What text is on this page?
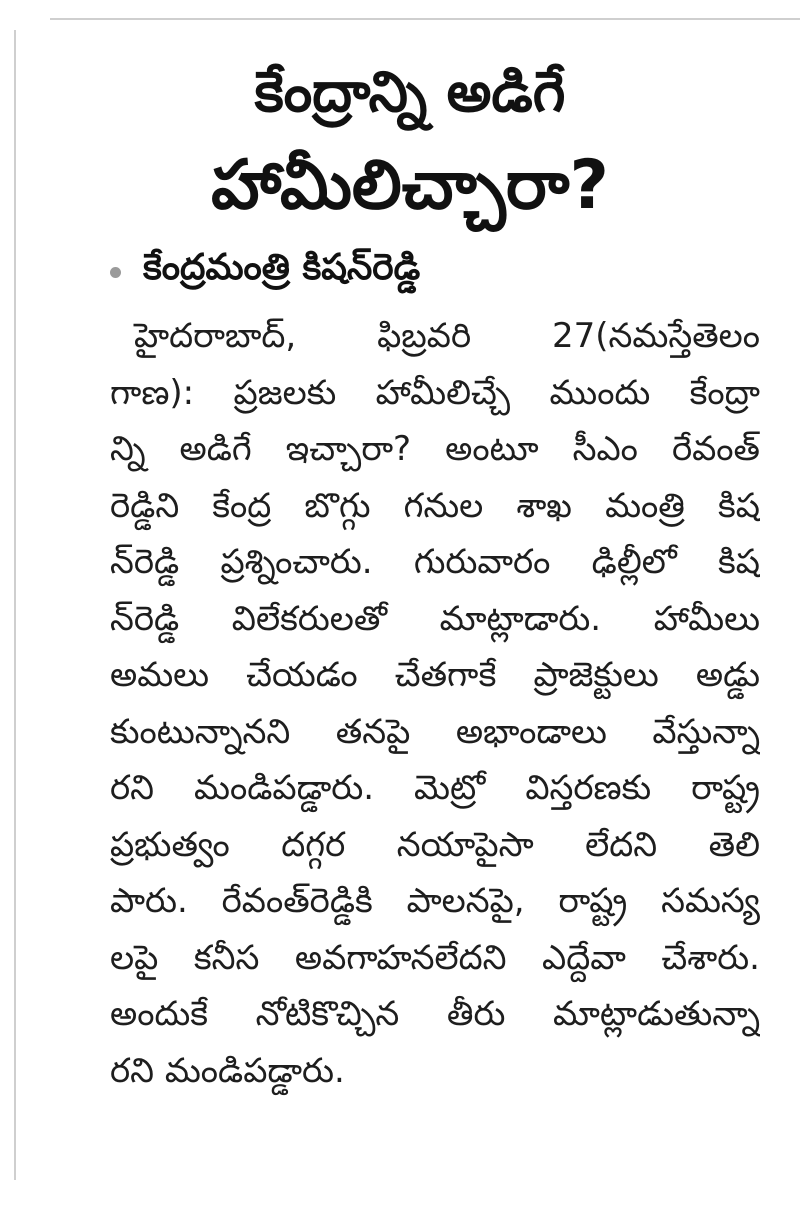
కేంద్రాన్ని అడిగే
హామీలిచ్చారా?
కేంద్రమంత్రి కిషన్‌రెడ్డి
హైదరాబాద్, ఫిబ్రవరి 27(నమస్తేతెలం
గాణ): ప్రజలకు హామీలిచ్చే ముందు కేంద్రా
న్ని అడిగే ఇచ్చారా? అంటూ సీఎం రేవంత్
రెడ్డిని కేంద్ర బొగ్గు గనుల శాఖ మంత్రి కిష
న్‌రెడ్డి ప్రశ్నించారు. గురువారం ఢిల్లీలో కిష
న్‌రెడ్డి విలేకరులతో మాట్లాడారు. హామీలు
అమలు చేయడం చేతగాకే ప్రాజెక్టులు అడ్డు
కుంటున్నానని తనపై అభాండాలు వేస్తున్నా
రని మండిపడ్డారు. మెట్రో విస్తరణకు రాష్ట్ర
ప్రభుత్వం దగ్గర నయాపైసా లేదని తెలి
పారు. రేవంత్‌రెడ్డికి పాలనపై, రాష్ట్ర సమస్య
లపై కనీస అవగాహనలేదని ఎద్దేవా చేశారు.
అందుకే నోటికొచ్చిన తీరు మాట్లాడుతున్నా
రని మండిపడ్డారు.
